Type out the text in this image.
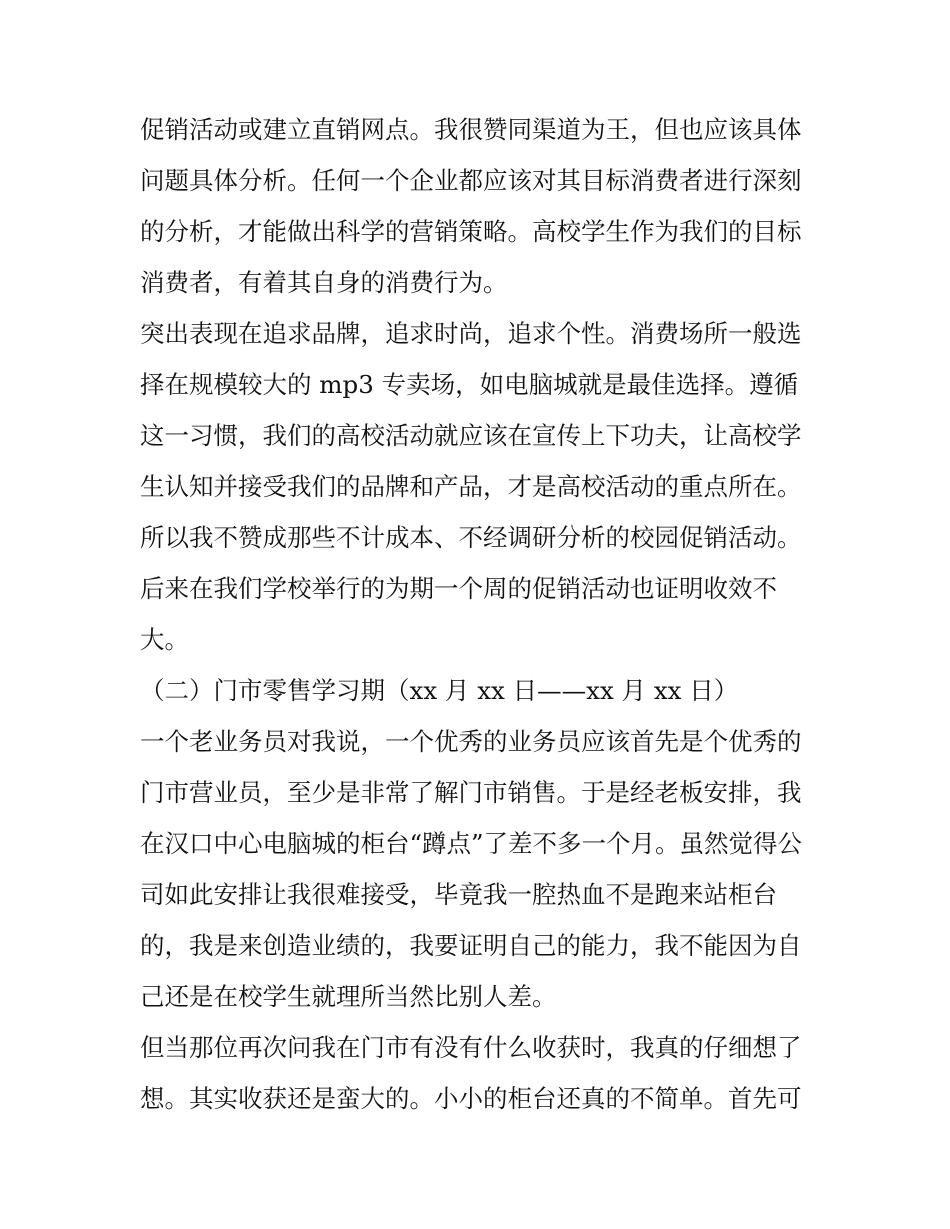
促销活动或建立直销网点。我很赞同渠道为王，但也应该具体
问题具体分析。任何一个企业都应该对其目标消费者进行深刻
的分析，才能做出科学的营销策略。高校学生作为我们的目标
消费者，有着其自身的消费行为。
突出表现在追求品牌，追求时尚，追求个性。消费场所一般选
择在规模较大的 mp3 专卖场，如电脑城就是最佳选择。遵循
这一习惯，我们的高校活动就应该在宣传上下功夫，让高校学
生认知并接受我们的品牌和产品，才是高校活动的重点所在。
所以我不赞成那些不计成本、不经调研分析的校园促销活动。
后来在我们学校举行的为期一个周的促销活动也证明收效不
大。
（二）门市零售学习期（xx 月 xx 日——xx 月 xx 日）
一个老业务员对我说，一个优秀的业务员应该首先是个优秀的
门市营业员，至少是非常了解门市销售。于是经老板安排，我
在汉口中心电脑城的柜台“蹲点”了差不多一个月。虽然觉得公
司如此安排让我很难接受，毕竟我一腔热血不是跑来站柜台
的，我是来创造业绩的，我要证明自己的能力，我不能因为自
己还是在校学生就理所当然比别人差。
但当那位再次问我在门市有没有什么收获时，我真的仔细想了
想。其实收获还是蛮大的。小小的柜台还真的不简单。首先可
